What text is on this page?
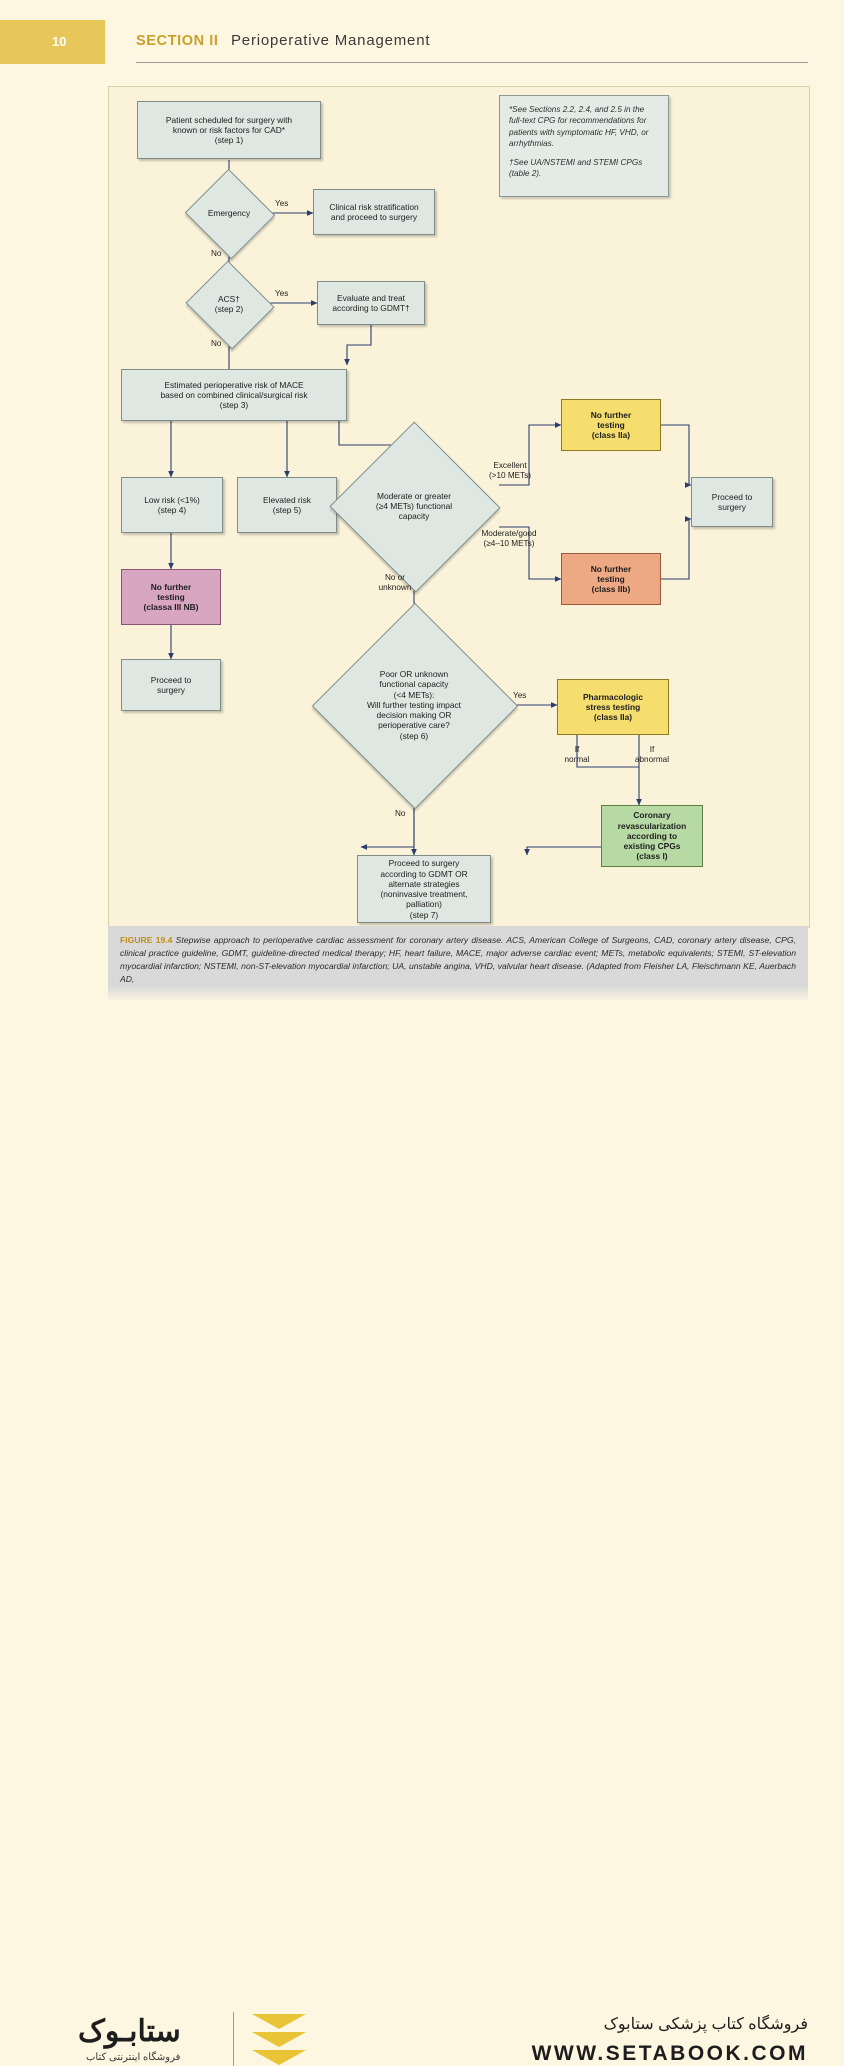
10	SECTION II Perioperative Management
Patient scheduled for surgery with
known or risk factors for CAD*
(step 1)
*See Sections 2.2, 2.4, and 2.5 in the full-text CPG for recommendations for patients with symptomatic HF, VHD, or arrhythmias.
†See UA/NSTEMI and STEMI CPGs (table 2).
Emergency
Yes
No
Clinical risk stratification
and proceed to surgery
ACS†
(step 2)
Yes
No
Evaluate and treat
according to GDMT†
Estimated perioperative risk of MACE
based on combined clinical/surgical risk
(step 3)
Low risk (<1%)
(step 4)
Elevated risk
(step 5)
Moderate or greater
(≥4 METs) functional
capacity
Excellent
(>10 METs)
Moderate/good
(≥4–10 METs)
No or
unknown
No further
testing
(class IIa)
No further
testing
(class IIb)
Proceed to
surgery
No further
testing
(classa III NB)
Proceed to
surgery
Poor OR unknown
functional capacity
(<4 METs):
Will further testing impact
decision making OR
perioperative care?
(step 6)
Yes
No
Pharmacologic
stress testing
(class IIa)
If
normal
If
abnormal
Coronary
revascularization
according to
existing CPGs
(class I)
Proceed to surgery
according to GDMT OR
alternate strategies
(noninvasive treatment,
palliation)
(step 7)
FIGURE 19.4 Stepwise approach to perioperative cardiac assessment for coronary artery disease. ACS, American College of Surgeons, CAD, coronary artery disease, CPG, clinical practice guideline, GDMT, guideline-directed medical therapy; HF, heart failure, MACE, major adverse cardiac event; METs, metabolic equivalents; STEMI, ST-elevation myocardial infarction; NSTEMI, non-ST-elevation myocardial infarction; UA, unstable angina, VHD, valvular heart disease. (Adapted from Fleisher LA, Fleischmann KE, Auerbach AD,
ستابـوک
فروشگاه اینترنتی کتاب
فروشگاه کتاب پزشکی ستابوک
WWW.SETABOOK.COM
